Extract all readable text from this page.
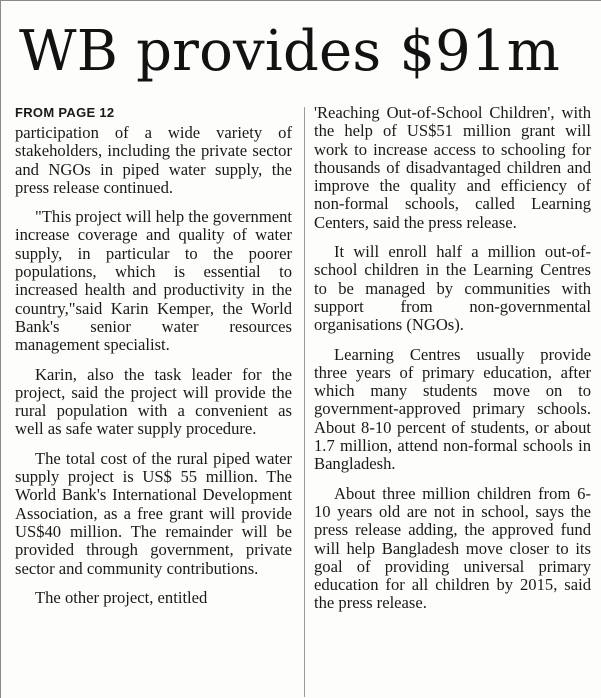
WB provides $91m
FROM PAGE 12

participation of a wide variety of stakeholders, including the private sector and NGOs in piped water supply, the press release continued.

"This project will help the government increase coverage and quality of water supply, in particular to the poorer populations, which is essential to increased health and productivity in the country,"said Karin Kemper, the World Bank's senior water resources management specialist.

Karin, also the task leader for the project, said the project will provide the rural population with a convenient as well as safe water supply procedure.

The total cost of the rural piped water supply project is US$ 55 million. The World Bank's International Development Association, as a free grant will provide US$40 million. The remainder will be provided through government, private sector and community contributions.

The other project, entitled

'Reaching Out-of-School Children', with the help of US$51 million grant will work to increase access to schooling for thousands of disadvantaged children and improve the quality and efficiency of non-formal schools, called Learning Centers, said the press release.

It will enroll half a million out-of-school children in the Learning Centres to be managed by communities with support from non-governmental organisations (NGOs).

Learning Centres usually provide three years of primary education, after which many students move on to government-approved primary schools. About 8-10 percent of students, or about 1.7 million, attend non-formal schools in Bangladesh.

About three million children from 6-10 years old are not in school, says the press release adding, the approved fund will help Bangladesh move closer to its goal of providing universal primary education for all children by 2015, said the press release.
